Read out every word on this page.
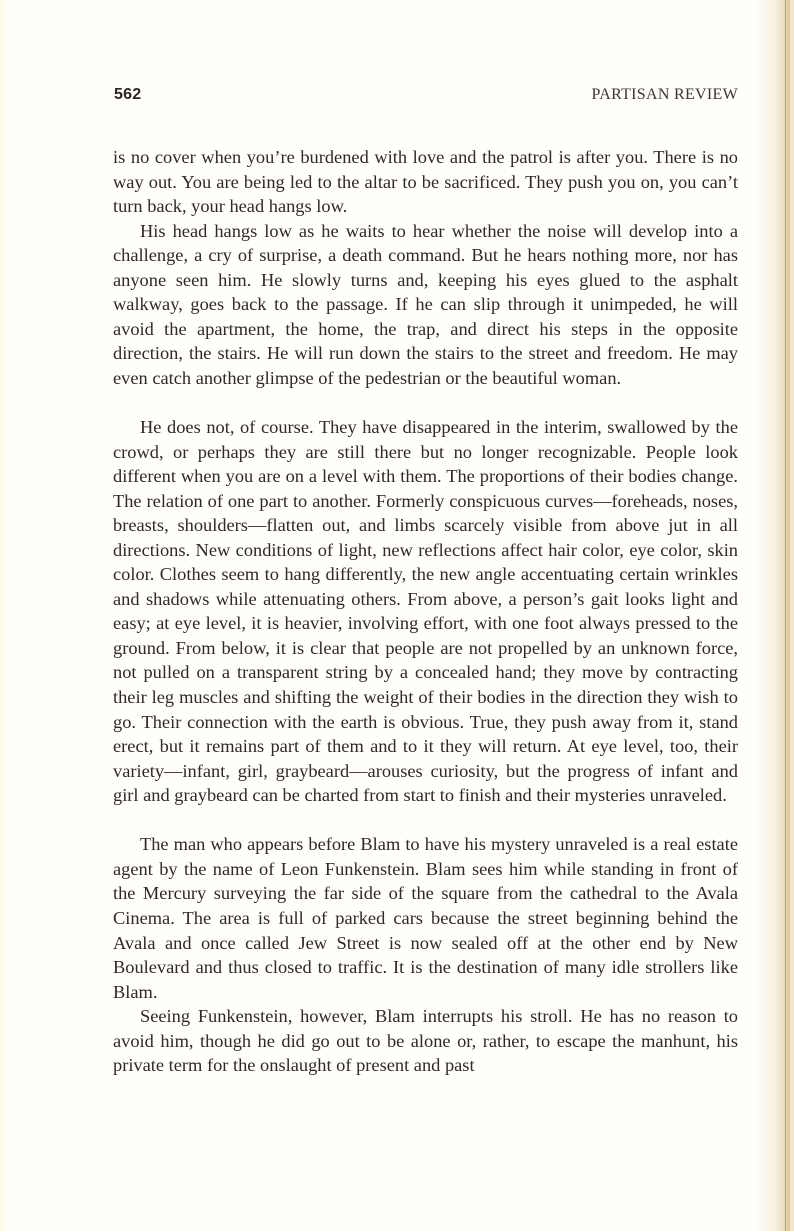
562	PARTISAN REVIEW

is no cover when you’re burdened with love and the patrol is after you. There is no way out. You are being led to the altar to be sacrificed. They push you on, you can’t turn back, your head hangs low.

His head hangs low as he waits to hear whether the noise will develop into a challenge, a cry of surprise, a death command. But he hears nothing more, nor has anyone seen him. He slowly turns and, keeping his eyes glued to the asphalt walkway, goes back to the passage. If he can slip through it unimpeded, he will avoid the apartment, the home, the trap, and direct his steps in the opposite direction, the stairs. He will run down the stairs to the street and freedom. He may even catch another glimpse of the pedestrian or the beautiful woman.

He does not, of course. They have disappeared in the interim, swallowed by the crowd, or perhaps they are still there but no longer recognizable. People look different when you are on a level with them. The proportions of their bodies change. The relation of one part to another. Formerly conspicuous curves—foreheads, noses, breasts, shoulders—flatten out, and limbs scarcely visible from above jut in all directions. New conditions of light, new reflections affect hair color, eye color, skin color. Clothes seem to hang differently, the new angle accentuating certain wrinkles and shadows while attenuating others. From above, a person’s gait looks light and easy; at eye level, it is heavier, involving effort, with one foot always pressed to the ground. From below, it is clear that people are not propelled by an unknown force, not pulled on a transparent string by a concealed hand; they move by contracting their leg muscles and shifting the weight of their bodies in the direction they wish to go. Their connection with the earth is obvious. True, they push away from it, stand erect, but it remains part of them and to it they will return. At eye level, too, their variety—infant, girl, graybeard—arouses curiosity, but the progress of infant and girl and graybeard can be charted from start to finish and their mysteries unraveled.

The man who appears before Blam to have his mystery unraveled is a real estate agent by the name of Leon Funkenstein. Blam sees him while standing in front of the Mercury surveying the far side of the square from the cathedral to the Avala Cinema. The area is full of parked cars because the street beginning behind the Avala and once called Jew Street is now sealed off at the other end by New Boulevard and thus closed to traffic. It is the destination of many idle strollers like Blam.

Seeing Funkenstein, however, Blam interrupts his stroll. He has no reason to avoid him, though he did go out to be alone or, rather, to escape the manhunt, his private term for the onslaught of present and past
